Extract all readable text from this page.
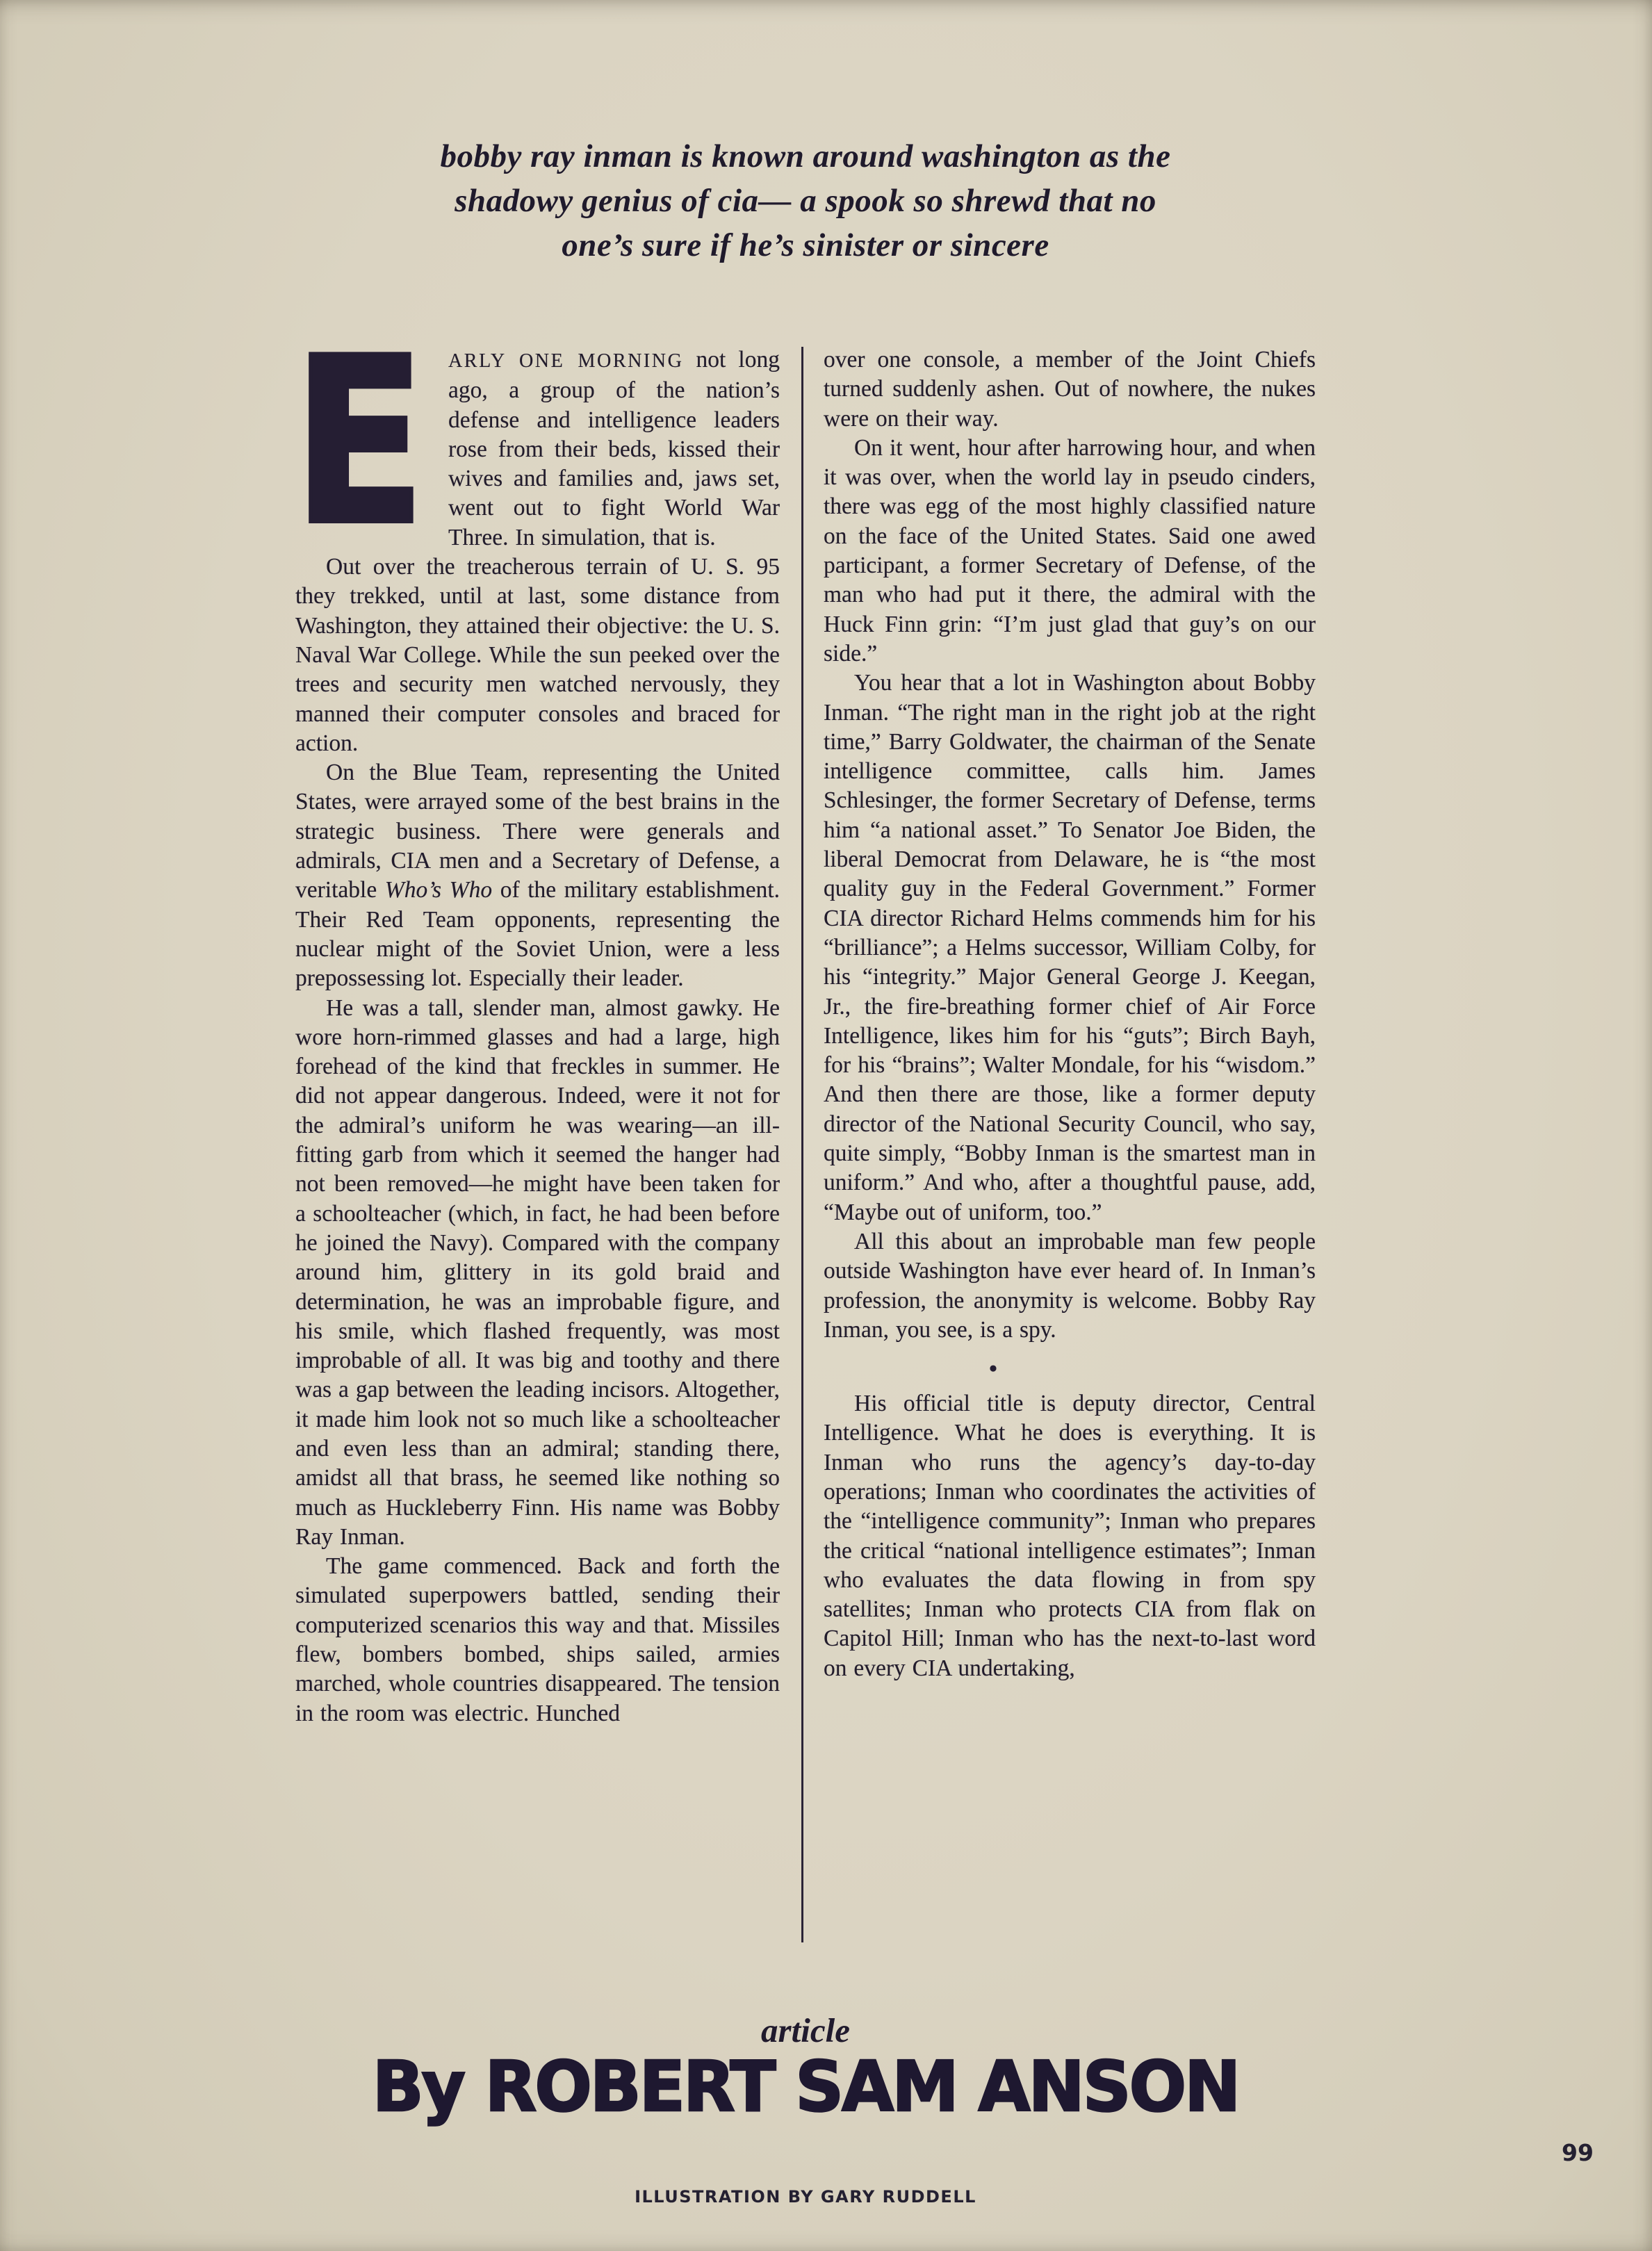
bobby ray inman is known around washington as the
shadowy genius of cia— a spook so shrewd that no
one’s sure if he’s sinister or sincere

E ARLY ONE MORNING not long ago, a group of the nation’s defense and intelligence leaders rose from their beds, kissed their wives and families and, jaws set, went out to fight World War Three. In simulation, that is.

Out over the treacherous terrain of U. S. 95 they trekked, until at last, some distance from Washington, they attained their objective: the U. S. Naval War College. While the sun peeked over the trees and security men watched nervously, they manned their computer consoles and braced for action.

On the Blue Team, representing the United States, were arrayed some of the best brains in the strategic business. There were generals and admirals, CIA men and a Secretary of Defense, a veritable Who’s Who of the military establishment. Their Red Team opponents, representing the nuclear might of the Soviet Union, were a less prepossessing lot. Especially their leader.

He was a tall, slender man, almost gawky. He wore horn-rimmed glasses and had a large, high forehead of the kind that freckles in summer. He did not appear dangerous. Indeed, were it not for the admiral’s uniform he was wearing—an ill-fitting garb from which it seemed the hanger had not been removed—he might have been taken for a schoolteacher (which, in fact, he had been before he joined the Navy). Compared with the company around him, glittery in its gold braid and determination, he was an improbable figure, and his smile, which flashed frequently, was most improbable of all. It was big and toothy and there was a gap between the leading incisors. Altogether, it made him look not so much like a schoolteacher and even less than an admiral; standing there, amidst all that brass, he seemed like nothing so much as Huckleberry Finn. His name was Bobby Ray Inman.

The game commenced. Back and forth the simulated superpowers battled, sending their computerized scenarios this way and that. Missiles flew, bombers bombed, ships sailed, armies marched, whole countries disappeared. The tension in the room was electric. Hunched

over one console, a member of the Joint Chiefs turned suddenly ashen. Out of nowhere, the nukes were on their way.

On it went, hour after harrowing hour, and when it was over, when the world lay in pseudo cinders, there was egg of the most highly classified nature on the face of the United States. Said one awed participant, a former Secretary of Defense, of the man who had put it there, the admiral with the Huck Finn grin: “I’m just glad that guy’s on our side.”

You hear that a lot in Washington about Bobby Inman. “The right man in the right job at the right time,” Barry Goldwater, the chairman of the Senate intelligence committee, calls him. James Schlesinger, the former Secretary of Defense, terms him “a national asset.” To Senator Joe Biden, the liberal Democrat from Delaware, he is “the most quality guy in the Federal Government.” Former CIA director Richard Helms commends him for his “brilliance”; a Helms successor, William Colby, for his “integrity.” Major General George J. Keegan, Jr., the fire-breathing former chief of Air Force Intelligence, likes him for his “guts”; Birch Bayh, for his “brains”; Walter Mondale, for his “wisdom.” And then there are those, like a former deputy director of the National Security Council, who say, quite simply, “Bobby Inman is the smartest man in uniform.” And who, after a thoughtful pause, add, “Maybe out of uniform, too.”

All this about an improbable man few people outside Washington have ever heard of. In Inman’s profession, the anonymity is welcome. Bobby Ray Inman, you see, is a spy.

●

His official title is deputy director, Central Intelligence. What he does is everything. It is Inman who runs the agency’s day-to-day operations; Inman who coordinates the activities of the “intelligence community”; Inman who prepares the critical “national intelligence estimates”; Inman who evaluates the data flowing in from spy satellites; Inman who protects CIA from flak on Capitol Hill; Inman who has the next-to-last word on every CIA undertaking,

article
By ROBERT SAM ANSON
ILLUSTRATION BY GARY RUDDELL
99
